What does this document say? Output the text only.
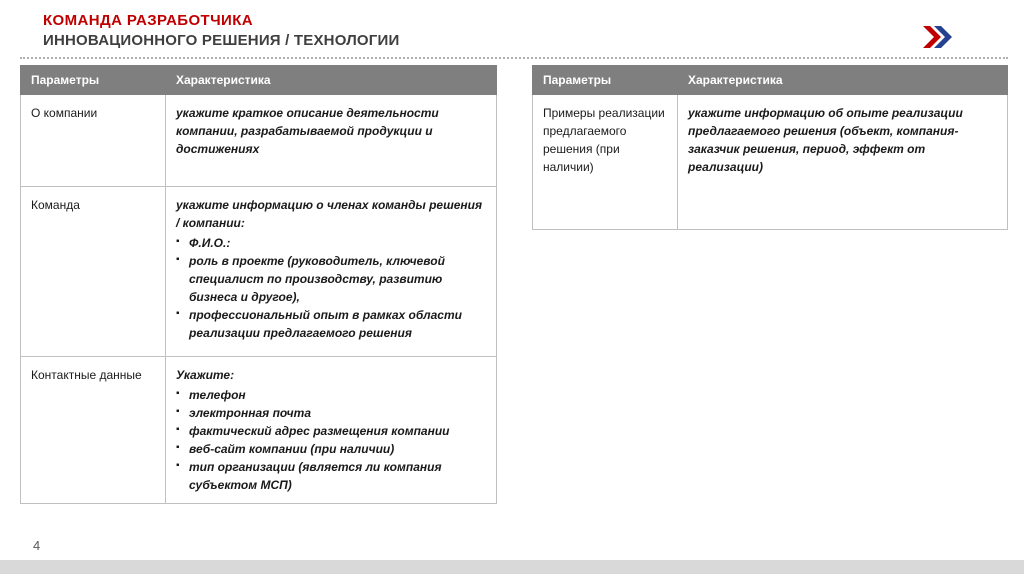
КОМАНДА РАЗРАБОТЧИКА
ИННОВАЦИОННОГО РЕШЕНИЯ / ТЕХНОЛОГИИ
Параметры	Характеристика
О компании	укажите краткое описание деятельности компании, разрабатываемой продукции и достижениях

Команда	укажите информацию о членах команды решения / компании:
▪ Ф.И.О.:
▪ роль в проекте (руководитель, ключевой специалист по производству, развитию бизнеса и другое),
▪ профессиональный опыт в рамках области реализации предлагаемого решения

Контактные данные	Укажите:
▪ телефон
▪ электронная почта
▪ фактический адрес размещения компании
▪ веб-сайт компании (при наличии)
▪ тип организации (является ли компания субъектом МСП)
Параметры	Характеристика
Примеры реализации предлагаемого решения (при наличии)	укажите информацию об опыте реализации предлагаемого решения (объект, компания-заказчик решения, период, эффект от реализации)
4
